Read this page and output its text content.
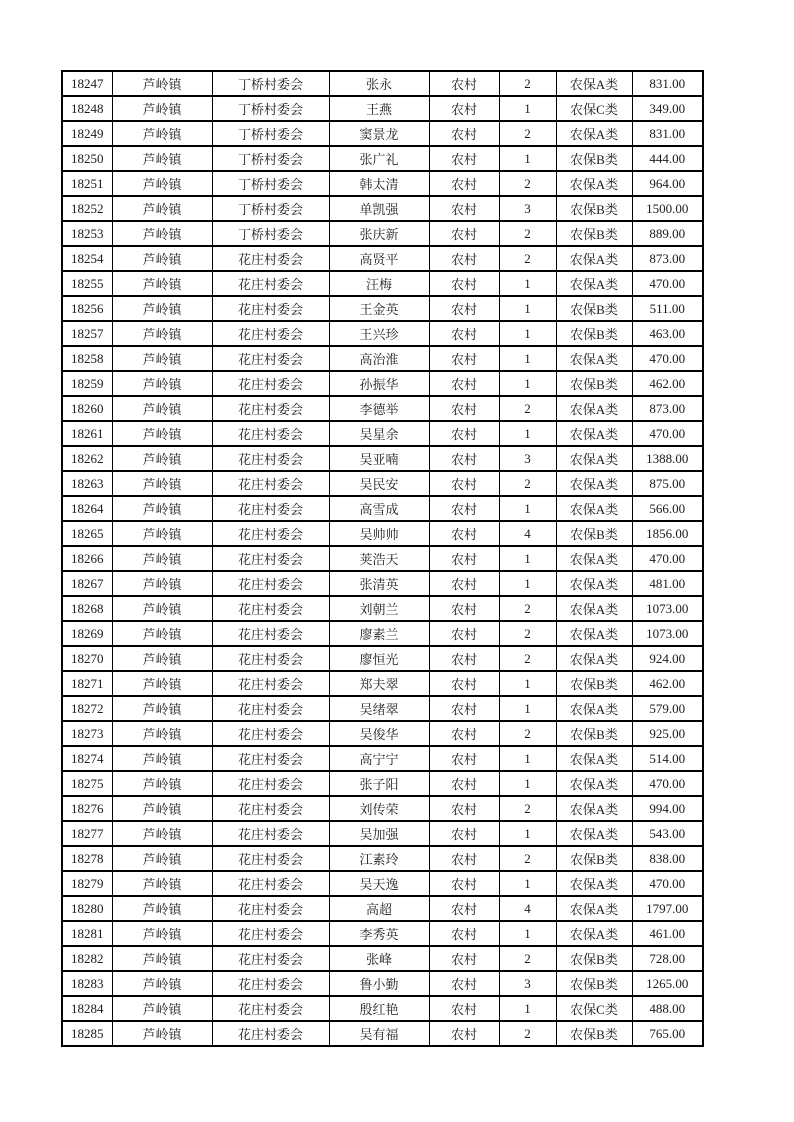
18247	芦岭镇	丁桥村委会	张永	农村	2	农保A类	831.00
18248	芦岭镇	丁桥村委会	王燕	农村	1	农保C类	349.00
18249	芦岭镇	丁桥村委会	窦景龙	农村	2	农保A类	831.00
18250	芦岭镇	丁桥村委会	张广礼	农村	1	农保B类	444.00
18251	芦岭镇	丁桥村委会	韩太清	农村	2	农保A类	964.00
18252	芦岭镇	丁桥村委会	单凯强	农村	3	农保B类	1500.00
18253	芦岭镇	丁桥村委会	张庆新	农村	2	农保B类	889.00
18254	芦岭镇	花庄村委会	高贤平	农村	2	农保A类	873.00
18255	芦岭镇	花庄村委会	汪梅	农村	1	农保A类	470.00
18256	芦岭镇	花庄村委会	王金英	农村	1	农保B类	511.00
18257	芦岭镇	花庄村委会	王兴珍	农村	1	农保B类	463.00
18258	芦岭镇	花庄村委会	高治淮	农村	1	农保A类	470.00
18259	芦岭镇	花庄村委会	孙振华	农村	1	农保B类	462.00
18260	芦岭镇	花庄村委会	李德举	农村	2	农保A类	873.00
18261	芦岭镇	花庄村委会	吴星余	农村	1	农保A类	470.00
18262	芦岭镇	花庄村委会	吴亚喃	农村	3	农保A类	1388.00
18263	芦岭镇	花庄村委会	吴民安	农村	2	农保A类	875.00
18264	芦岭镇	花庄村委会	高雪成	农村	1	农保A类	566.00
18265	芦岭镇	花庄村委会	吴帅帅	农村	4	农保B类	1856.00
18266	芦岭镇	花庄村委会	荚浩天	农村	1	农保A类	470.00
18267	芦岭镇	花庄村委会	张清英	农村	1	农保A类	481.00
18268	芦岭镇	花庄村委会	刘朝兰	农村	2	农保A类	1073.00
18269	芦岭镇	花庄村委会	廖素兰	农村	2	农保A类	1073.00
18270	芦岭镇	花庄村委会	廖恒光	农村	2	农保A类	924.00
18271	芦岭镇	花庄村委会	郑夫翠	农村	1	农保B类	462.00
18272	芦岭镇	花庄村委会	吴绪翠	农村	1	农保A类	579.00
18273	芦岭镇	花庄村委会	吴俊华	农村	2	农保B类	925.00
18274	芦岭镇	花庄村委会	高宁宁	农村	1	农保A类	514.00
18275	芦岭镇	花庄村委会	张子阳	农村	1	农保A类	470.00
18276	芦岭镇	花庄村委会	刘传荣	农村	2	农保A类	994.00
18277	芦岭镇	花庄村委会	吴加强	农村	1	农保A类	543.00
18278	芦岭镇	花庄村委会	江素玲	农村	2	农保B类	838.00
18279	芦岭镇	花庄村委会	吴天逸	农村	1	农保A类	470.00
18280	芦岭镇	花庄村委会	高超	农村	4	农保A类	1797.00
18281	芦岭镇	花庄村委会	李秀英	农村	1	农保A类	461.00
18282	芦岭镇	花庄村委会	张峰	农村	2	农保B类	728.00
18283	芦岭镇	花庄村委会	鲁小勤	农村	3	农保B类	1265.00
18284	芦岭镇	花庄村委会	殷红艳	农村	1	农保C类	488.00
18285	芦岭镇	花庄村委会	吴有福	农村	2	农保B类	765.00
